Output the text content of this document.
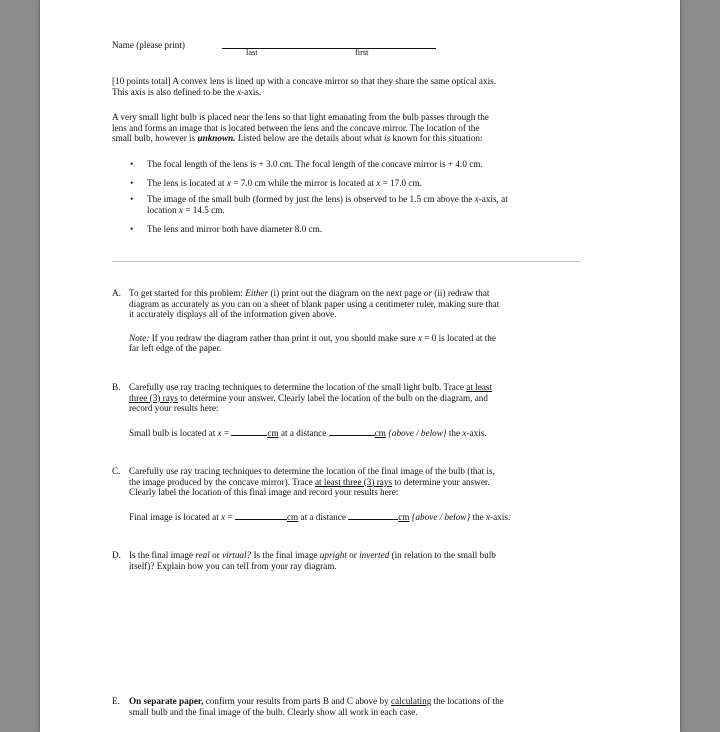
Name (please print)
last	first

[10 points total] A convex lens is lined up with a concave mirror so that they share the same optical axis.

This axis is also defined to be the x-axis.

A very small light bulb is placed near the lens so that light emanating from the bulb passes through the

lens and forms an image that is located between the lens and the concave mirror. The location of the

small bulb, however is unknown. Listed below are the details about what is known for this situation:

• The focal length of the lens is + 3.0 cm. The focal length of the concave mirror is + 4.0 cm.
• The lens is located at x = 7.0 cm while the mirror is located at x = 17.0 cm.
• The image of the small bulb (formed by just the lens) is observed to be 1.5 cm above the x-axis, at

location x = 14.5 cm.

• The lens and mirror both have diameter 8.0 cm.
A. To get started for this problem: Either (i) print out the diagram on the next page or (ii) redraw that

diagram as accurately as you can on a sheet of blank paper using a centimeter ruler, making sure that

it accurately displays all of the information given above.

Note: If you redraw the diagram rather than print it out, you should make sure x = 0 is located at the

far left edge of the paper.

B. Carefully use ray tracing techniques to determine the location of the small light bulb. Trace at least

three (3) rays to determine your answer. Clearly label the location of the bulb on the diagram, and

record your results here:

Small bulb is located at x =	cm at a distance	cm {above / below} the x-axis.

C. Carefully use ray tracing techniques to determine the location of the final image of the bulb (that is,

the image produced by the concave mirror). Trace at least three (3) rays to determine your answer.

Clearly label the location of this final image and record your results here:

Final image is located at x =	cm at a distance	cm {above / below} the x-axis.

D. Is the final image real or virtual? Is the final image upright or inverted (in relation to the small bulb

itself)? Explain how you can tell from your ray diagram.

E. On separate paper, confirm your results from parts B and C above by calculating the locations of the

small bulb and the final image of the bulb. Clearly show all work in each case.
